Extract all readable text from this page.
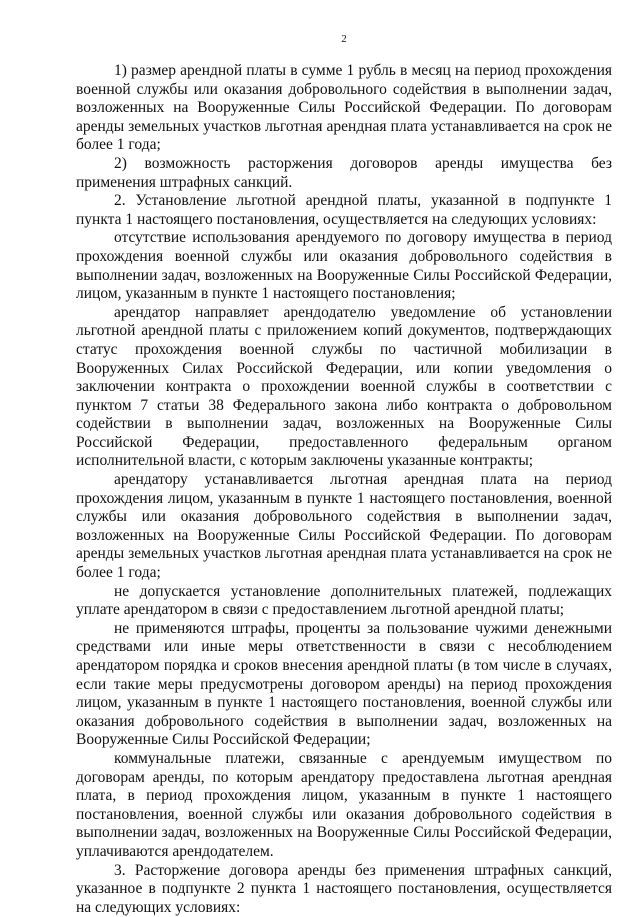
2

1) размер арендной платы в сумме 1 рубль в месяц на период прохождения военной службы или оказания добровольного содействия в выполнении задач, возложенных на Вооруженные Силы Российской Федерации. По договорам аренды земельных участков льготная арендная плата устанавливается на срок не более 1 года;

2) возможность расторжения договоров аренды имущества без применения штрафных санкций.

2. Установление льготной арендной платы, указанной в подпункте 1 пункта 1 настоящего постановления, осуществляется на следующих условиях:

отсутствие использования арендуемого по договору имущества в период прохождения военной службы или оказания добровольного содействия в выполнении задач, возложенных на Вооруженные Силы Российской Федерации, лицом, указанным в пункте 1 настоящего постановления;

арендатор направляет арендодателю уведомление об установлении льготной арендной платы с приложением копий документов, подтверждающих статус прохождения военной службы по частичной мобилизации в Вооруженных Силах Российской Федерации, или копии уведомления о заключении контракта о прохождении военной службы в соответствии с пунктом 7 статьи 38 Федерального закона либо контракта о добровольном содействии в выполнении задач, возложенных на Вооруженные Силы Российской Федерации, предоставленного федеральным органом исполнительной власти, с которым заключены указанные контракты;

арендатору устанавливается льготная арендная плата на период прохождения лицом, указанным в пункте 1 настоящего постановления, военной службы или оказания добровольного содействия в выполнении задач, возложенных на Вооруженные Силы Российской Федерации. По договорам аренды земельных участков льготная арендная плата устанавливается на срок не более 1 года;

не допускается установление дополнительных платежей, подлежащих уплате арендатором в связи с предоставлением льготной арендной платы;

не применяются штрафы, проценты за пользование чужими денежными средствами или иные меры ответственности в связи с несоблюдением арендатором порядка и сроков внесения арендной платы (в том числе в случаях, если такие меры предусмотрены договором аренды) на период прохождения лицом, указанным в пункте 1 настоящего постановления, военной службы или оказания добровольного содействия в выполнении задач, возложенных на Вооруженные Силы Российской Федерации;

коммунальные платежи, связанные с арендуемым имуществом по договорам аренды, по которым арендатору предоставлена льготная арендная плата, в период прохождения лицом, указанным в пункте 1 настоящего постановления, военной службы или оказания добровольного содействия в выполнении задач, возложенных на Вооруженные Силы Российской Федерации, уплачиваются арендодателем.

3. Расторжение договора аренды без применения штрафных санкций, указанное в подпункте 2 пункта 1 настоящего постановления, осуществляется на следующих условиях:
